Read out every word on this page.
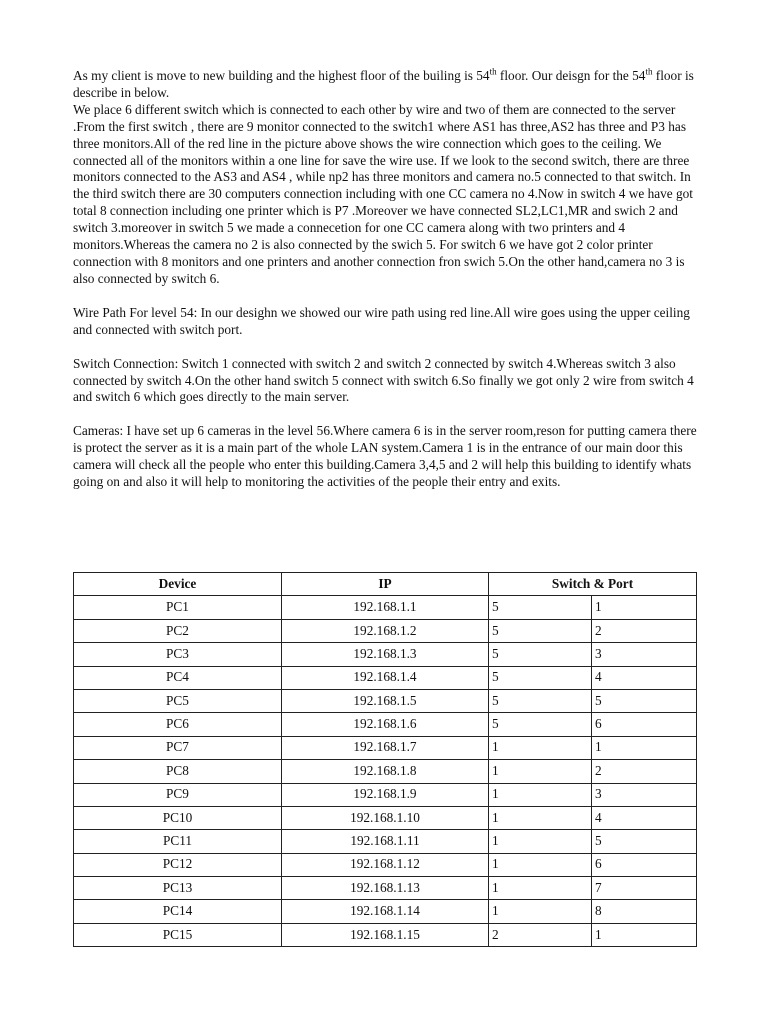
As my client is move to new building and the highest floor of the builing is 54th floor. Our deisgn for the 54th floor is describe in below.

We place 6 different switch which is connected to each other by wire and two of them are connected to the server .From the first switch , there are 9 monitor connected to the switch1 where AS1 has three,AS2 has three and P3 has three monitors.All of the red line in the picture above shows the wire connection which goes to the ceiling. We connected all of the monitors within a one line for save the wire use. If we look to the second switch, there are three monitors connected to the AS3 and AS4 , while np2 has three monitors and camera no.5 connected to that switch. In the third switch there are 30 computers connection including with one CC camera no 4.Now in switch 4 we have got total 8 connection including one printer which is P7 .Moreover we have connected SL2,LC1,MR and swich 2 and switch 3.moreover in switch 5 we made a connecetion for one CC camera along with two printers and 4 monitors.Whereas the camera no 2 is also connected by the swich 5. For switch 6 we have got 2 color printer connection with 8 monitors and one printers and another connection fron swich 5.On the other hand,camera no 3 is also connected by switch 6.

Wire Path For level 54: In our desighn we showed our wire path using red line.All wire goes using the upper ceiling and connected with switch port.

Switch Connection: Switch 1 connected with switch 2 and switch 2 connected by switch 4.Whereas switch 3 also connected by switch 4.On the other hand switch 5 connect with switch 6.So finally we got only 2 wire from switch 4 and switch 6 which goes directly to the main server.

Cameras: I have set up 6 cameras in the level 56.Where camera 6 is in the server room,reson for putting camera there is protect the server as it is a main part of the whole LAN system.Camera 1 is in the entrance of our main door this camera will check all the people who enter this building.Camera 3,4,5 and 2 will help this building to identify whats going on and also it will help to monitoring the activities of the people their entry and exits.

Device	IP	Switch & Port	
PC1	192.168.1.1	5	1
PC2	192.168.1.2	5	2
PC3	192.168.1.3	5	3
PC4	192.168.1.4	5	4
PC5	192.168.1.5	5	5
PC6	192.168.1.6	5	6
PC7	192.168.1.7	1	1
PC8	192.168.1.8	1	2
PC9	192.168.1.9	1	3
PC10	192.168.1.10	1	4
PC11	192.168.1.11	1	5
PC12	192.168.1.12	1	6
PC13	192.168.1.13	1	7
PC14	192.168.1.14	1	8
PC15	192.168.1.15	2	1
